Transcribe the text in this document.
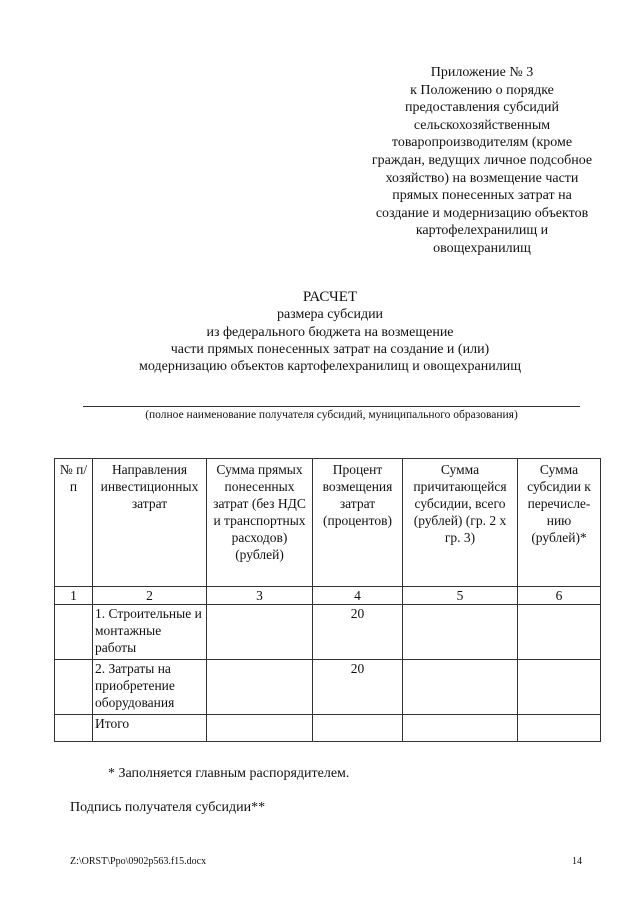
Приложение № 3
к Положению о порядке
предоставления субсидий
сельскохозяйственным
товаропроизводителям (кроме
граждан, ведущих личное подсобное
хозяйство) на возмещение части
прямых понесенных затрат на
создание и модернизацию объектов
картофелехранилищ и
овощехранилищ
РАСЧЕТ
размера субсидии
из федерального бюджета на возмещение
части прямых понесенных затрат на создание и (или)
модернизацию объектов картофелехранилищ и овощехранилищ
(полное наименование получателя субсидий, муниципального образования)
№ п/п	Направления инвестиционных затрат	Сумма прямых понесенных затрат (без НДС и транспортных расходов) (рублей)	Процент возмещения затрат (процентов)	Сумма причитающейся субсидии, всего (рублей) (гр. 2 х гр. 3)	Сумма субсидии к перечисле-нию (рублей)*
1	2	3	4	5	6
	1. Строительные и монтажные работы		20		
	2. Затраты на приобретение оборудования		20		
	Итого				
* Заполняется главным распорядителем.
Подпись получателя субсидии**
Z:\ORST\Ppo\0902p563.f15.docx	14
